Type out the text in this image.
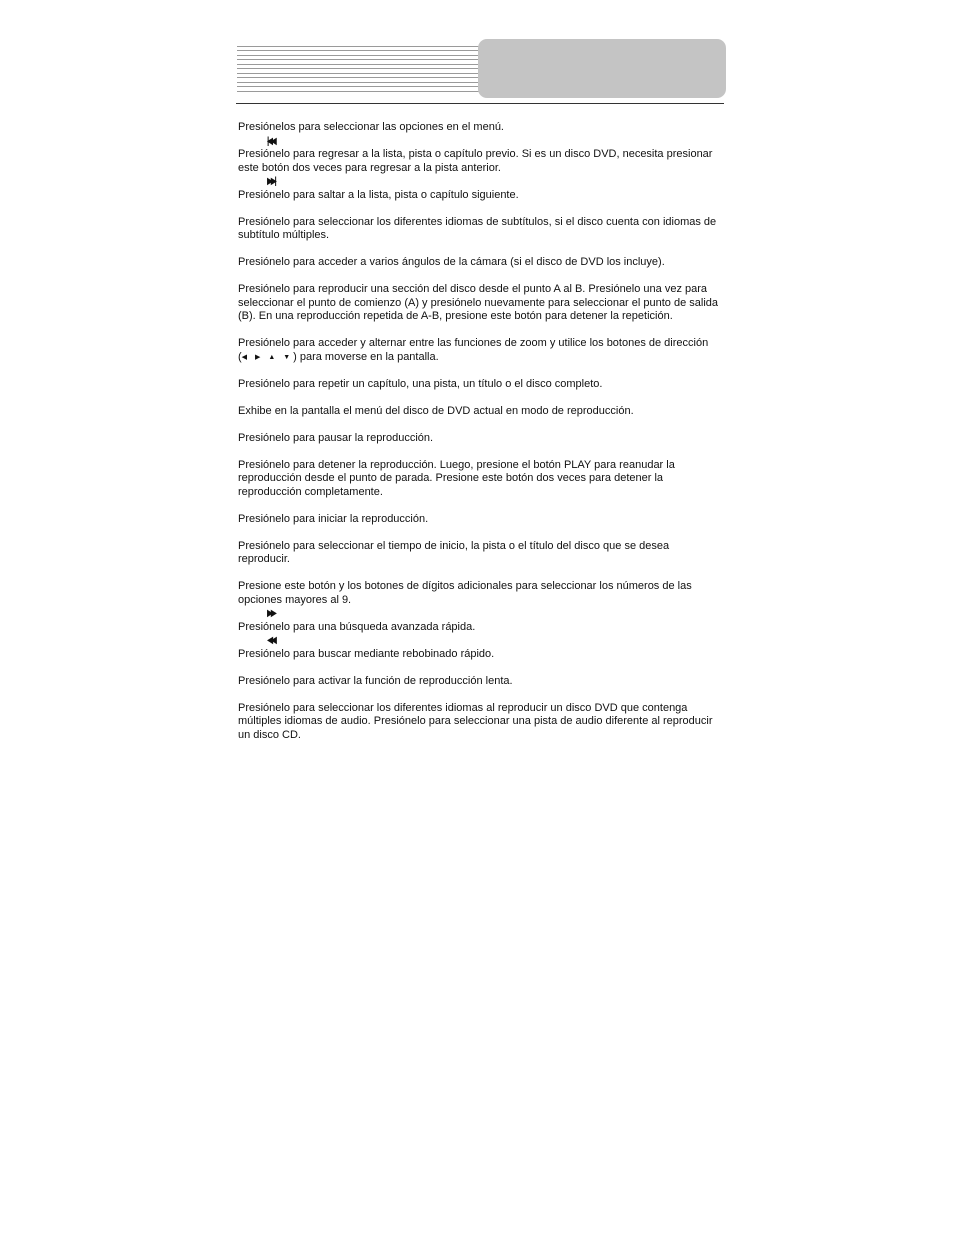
Presiónelos para seleccionar las opciones en el menú.

|◀◀

Presiónelo para regresar a la lista, pista o capítulo previo. Si es un disco DVD, necesita presionar este botón dos veces para regresar a la pista anterior.

▶▶|

Presiónelo para saltar a la lista, pista o capítulo siguiente.

Presiónelo para seleccionar los diferentes idiomas de subtítulos, si el disco cuenta con idiomas de subtítulo múltiples.

Presiónelo para acceder a varios ángulos de la cámara (si el disco de DVD los incluye).

Presiónelo para reproducir una sección del disco desde el punto A al B. Presiónelo una vez para seleccionar el punto de comienzo (A) y presiónelo nuevamente para seleccionar el punto de salida (B). En una reproducción repetida de A-B, presione este botón para detener la repetición.

Presiónelo para acceder y alternar entre las funciones de zoom y utilice los botones de dirección (◀ ▶ ▲ ▼) para moverse en la pantalla.

Presiónelo para repetir un capítulo, una pista, un título o el disco completo.

Exhibe en la pantalla el menú del disco de DVD actual en modo de reproducción.

Presiónelo para pausar la reproducción.

Presiónelo para detener la reproducción. Luego, presione el botón PLAY para reanudar la reproducción desde el punto de parada. Presione este botón dos veces para detener la reproducción completamente.

Presiónelo para iniciar la reproducción.

Presiónelo para seleccionar el tiempo de inicio, la pista o el título del disco que se desea reproducir.

Presione este botón y los botones de dígitos adicionales para seleccionar los números de las opciones mayores al 9.

▶▶

Presiónelo para una búsqueda avanzada rápida.

◀◀

Presiónelo para buscar mediante rebobinado rápido.

Presiónelo para activar la función de reproducción lenta.

Presiónelo para seleccionar los diferentes idiomas al reproducir un disco DVD que contenga múltiples idiomas de audio. Presiónelo para seleccionar una pista de audio diferente al reproducir un disco CD.
